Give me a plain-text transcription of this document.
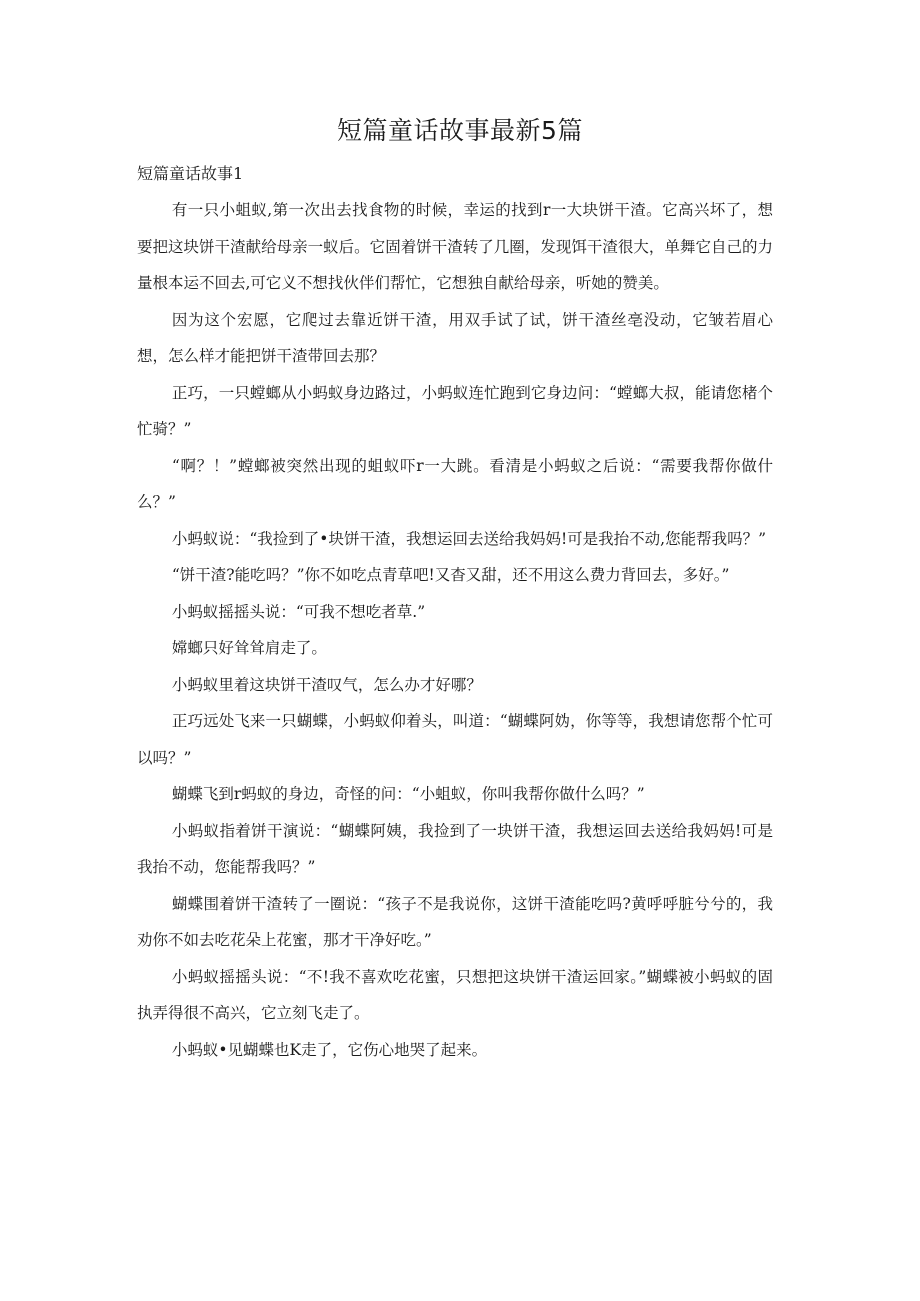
短篇童话故事最新5篇
短篇童话故事1

有一只小蛆蚁,第一次出去找食物的时候，幸运的找到r一大块饼干渣。它高兴坏了，想要把这块饼干渣献给母亲一蚁后。它固着饼干渣转了几圈，发现饵干渣很大，单舞它自己的力量根本运不回去,可它义不想找伙伴们帮忙，它想独自献给母亲，听她的赞美。

因为这个宏愿，它爬过去靠近饼干渣，用双手试了试，饼干渣丝亳没动，它皱若眉心想，怎么样才能把饼干渣带回去那？

正巧，一只螳螂从小蚂蚁身边路过，小蚂蚁连忙跑到它身边问：“螳螂大叔，能请您楮个忙骑？”

“啊？！”螳螂被突然出现的蛆蚁吓r一大跳。看清是小蚂蚁之后说：“需要我帮你做什么？”

小蚂蚁说：“我捡到了•块饼干渣，我想运回去送给我妈妈!可是我抬不动,您能帮我吗？”

“饼干渣?能吃吗？”你不如吃点青草吧!又杳又甜，还不用这么费力背回去，多好。”

小蚂蚁摇摇头说：“可我不想吃者草.”

嫦螂只好耸耸肩走了。

小蚂蚁里着这块饼干渣叹气，怎么办才好哪？

正巧远处飞来一只蝴蝶，小蚂蚁仰着头，叫道：“蝴蝶阿妫，你等等，我想请您帮个忙可以吗？”

蝴蝶飞到r蚂蚁的身边，奇怪的问：“小蛆蚁，你叫我帮你做什么吗？”

小蚂蚁指着饼干演说：“蝴蝶阿姨，我捡到了一块饼干渣，我想运回去送给我妈妈!可是我抬不动，您能帮我吗？”

蝴蝶围着饼干渣转了一圈说：“孩子不是我说你，这饼干渣能吃吗?黄呼呼脏兮兮的，我劝你不如去吃花朵上花蜜，那才干净好吃。”

小蚂蚁摇摇头说：“不!我不喜欢吃花蜜，只想把这块饼干渣运回家。”蝴蝶被小蚂蚁的固执弄得很不高兴，它立刻飞走了。

小蚂蚁•见蝴蝶也K走了，它伤心地哭了起来。
